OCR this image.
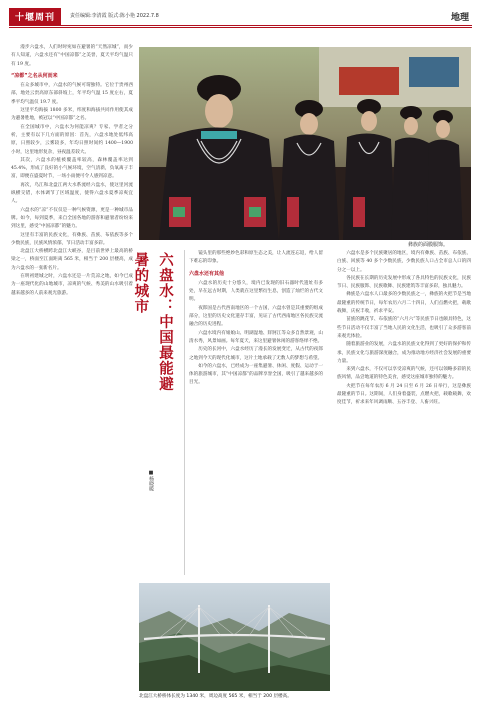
十堰周刊	责任编辑:李清霞 版式:陈小艳 2022.7.8	地理

漫步六盘水，人们时时宛如在避暑的“天然凉城”，而少有人知道，六盘水还有“中国凉都”之美誉，夏天平均气温只有 19 度。

“凉都”之名从何而来

在众多城市中，六盘水的气候可谓独特。它位于贵州西部，地处云贵高原东部斜坡上，年平均气温 15 度左右，夏季平均气温仅 19.7 度。

这里平均海拔 1800 多米，纬度和海拔共同作用使其成为避暑胜地，被冠以“中国凉都”之名。

在全国城市中，六盘水为何能凉爽？专家、学者之分析，主要有以下几方面的原因：首先，六盘水地处低纬高原，日照较少，云雾较多，年均日照时间约 1400—1900 小时，这里地形复杂，昼夜温差较大。

其次，六盘水的植被覆盖率较高，森林覆盖率达到 45.4%，形成了良好的小气候环境，空气清新，负氧离子丰富，即便在盛夏时节，一场小雨便可令人感到凉意。

再次，乌江和北盘江两大水系流经六盘水，使这里河流纵横交错，水体调节了区域温度，使得六盘水夏季凉爽宜人。

六盘水的“凉”不仅仅是一种气候资源，更是一种城市品牌。如今，每到夏季，来自全国各地的游客和避暑者纷纷来到这里，感受“中国凉都”的魅力。

这里有丰富的民族文化，有彝族、苗族、布依族等多个少数民族，民族风情浓郁，节日活动丰富多彩。

北盘江大桥横跨北盘江大峡谷，是目前世界上最高的桥梁之一，桥面至江面距离 565 米，相当于 200 层楼高，成为六盘水的一张新名片。

在明初建城之时，六盘水还是一片荒凉之地，如今已成为一座现代化的山地城市，凉爽的气候、秀美的山水吸引着越来越多的人前来观光旅游。

彝族的面膜服饰。
六盘水：中国最能避暑的城市
■杨晓暖

镜头里的那些绝妙色彩和原生态之美，让人流连忘返，给人留下难忘的印象。

六盘水还有其他

六盘水的历史十分悠久，境内已发现的旧石器时代遗址有多处，早在远古时期，人类就在这里繁衍生息，创造了灿烂的古代文明。

夜郎国是古代西南地区的一个古国，六盘水曾是其重要的组成部分，这里的历史文化遗存丰富，见证了古代西南地区各民族交流融合的历史进程。

六盘水境内有娘娘山、明湖湿地、牂牁江等众多自然景观，山清水秀，风景如画。每年夏天，来这里避暑休闲的游客络绎不绝。

历史的长河中，六盘水经历了漫长的发展变迁，从古代的夜郎之地到今天的现代化城市，这片土地承载了无数人的梦想与希望。

如今的六盘水，已经成为一座集避暑、休闲、度假、运动于一体的旅游城市，其“中国凉都”的品牌享誉全国，吸引了越来越多的目光。

六盘水是多个民族聚居的地区，境内有彝族、苗族、布依族、白族、回族等 40 多个少数民族，少数民族人口占全市总人口的四分之一以上。

各民族在长期的历史发展中形成了各具特色的民族文化，民族节日、民族服饰、民族歌舞、民族建筑等丰富多彩，独具魅力。

彝族是六盘水人口最多的少数民族之一，彝族的火把节是当地最隆重的传统节日，每年农历六月二十四日，人们点燃火把，载歌载舞，庆祝丰收，祈求平安。

苗族的跳花节、布依族的“六月六”等民族节日也颇具特色，这些节日活动不仅丰富了当地人民的文化生活，也吸引了众多游客前来观光体验。

随着旅游业的发展，六盘水的民族文化得到了更好的保护和传承，民族文化与旅游深度融合，成为推动地方经济社会发展的重要力量。

来到六盘水，不仅可以享受凉爽的气候，还可以领略多彩的民族风情，品尝地道的特色美食，感受这座城市独特的魅力。

火把节在每年农历 6 月 24 日至 6 月 26 日举行，这是彝族最隆重的节日。这期间，人们身着盛装，点燃火把，载歌载舞，欢度佳节，祈求来年风调雨顺、五谷丰登、人畜兴旺。

北盘江大桥桥体长度为 1340 米，周边高度 565 米，相当于 200 层楼高。
